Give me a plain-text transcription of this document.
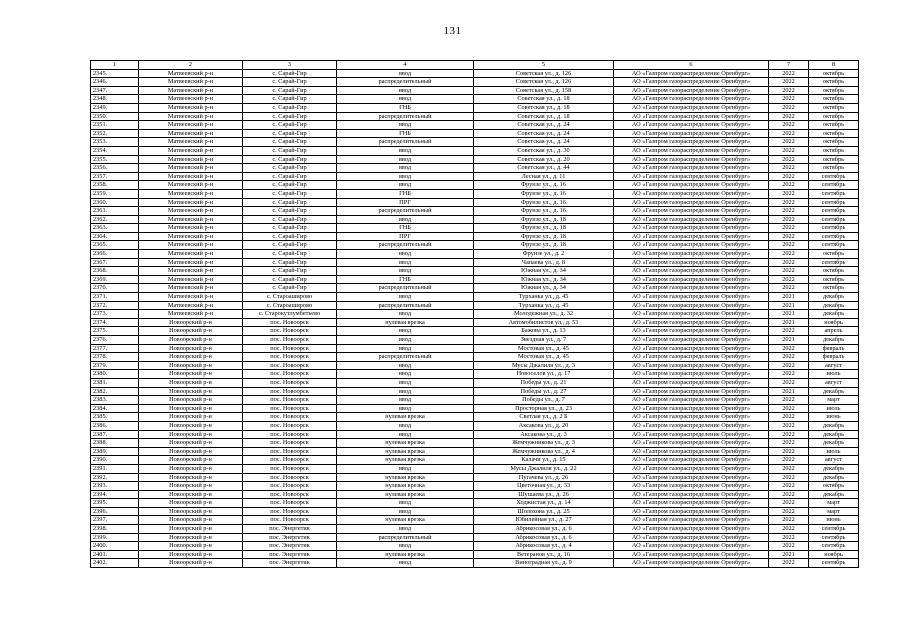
131
1	2	3	4	5	6	7	8
2345.	Матвеевский р-н	с. Сарай-Гир	ввод	Советская ул., д. 126	АО «Газпром газораспределение Оренбург»	2022	октябрь
2346.	Матвеевский р-н	с. Сарай-Гир	распределительный	Советская ул., д. 126	АО «Газпром газораспределение Оренбург»	2022	октябрь
2347.	Матвеевский р-н	с. Сарай-Гир	ввод	Советская ул., д. 158	АО «Газпром газораспределение Оренбург»	2022	октябрь
2348.	Матвеевский р-н	с. Сарай-Гир	ввод	Советская ул., д. 18	АО «Газпром газораспределение Оренбург»	2022	октябрь
2349.	Матвеевский р-н	с. Сарай-Гир	ГНБ	Советская ул., д. 18	АО «Газпром газораспределение Оренбург»	2022	октябрь
2350.	Матвеевский р-н	с. Сарай-Гир	распределительный	Советская ул., д. 18	АО «Газпром газораспределение Оренбург»	2022	октябрь
2351.	Матвеевский р-н	с. Сарай-Гир	ввод	Советская ул., д. 24	АО «Газпром газораспределение Оренбург»	2022	октябрь
2352.	Матвеевский р-н	с. Сарай-Гир	ГНБ	Советская ул., д. 24	АО «Газпром газораспределение Оренбург»	2022	октябрь
2353.	Матвеевский р-н	с. Сарай-Гир	распределительный	Советская ул., д. 24	АО «Газпром газораспределение Оренбург»	2022	октябрь
2354.	Матвеевский р-н	с. Сарай-Гир	ввод	Советская ул., д. 30	АО «Газпром газораспределение Оренбург»	2022	октябрь
2355.	Матвеевский р-н	с. Сарай-Гир	ввод	Советская ул., д. 20	АО «Газпром газораспределение Оренбург»	2022	октябрь
2356.	Матвеевский р-н	с. Сарай-Гир	ввод	Советская ул., д. 44	АО «Газпром газораспределение Оренбург»	2022	октябрь
2357.	Матвеевский р-н	с. Сарай-Гир	ввод	Лесная ул., д. 11	АО «Газпром газораспределение Оренбург»	2022	сентябрь
2358.	Матвеевский р-н	с. Сарай-Гир	ввод	Фрунзе ул., д. 16	АО «Газпром газораспределение Оренбург»	2022	сентябрь
2359.	Матвеевский р-н	с. Сарай-Гир	ГНБ	Фрунзе ул., д. 16	АО «Газпром газораспределение Оренбург»	2022	сентябрь
2360.	Матвеевский р-н	с. Сарай-Гир	ПРГ	Фрунзе ул., д. 16	АО «Газпром газораспределение Оренбург»	2022	сентябрь
2361.	Матвеевский р-н	с. Сарай-Гир	распределительный	Фрунзе ул., д. 16	АО «Газпром газораспределение Оренбург»	2022	сентябрь
2362.	Матвеевский р-н	с. Сарай-Гир	ввод	Фрунзе ул., д. 18	АО «Газпром газораспределение Оренбург»	2022	сентябрь
2363.	Матвеевский р-н	с. Сарай-Гир	ГНБ	Фрунзе ул., д. 18	АО «Газпром газораспределение Оренбург»	2022	сентябрь
2364.	Матвеевский р-н	с. Сарай-Гир	ПРГ	Фрунзе ул., д. 18	АО «Газпром газораспределение Оренбург»	2022	сентябрь
2365.	Матвеевский р-н	с. Сарай-Гир	распределительный	Фрунзе ул., д. 18	АО «Газпром газораспределение Оренбург»	2022	сентябрь
2366.	Матвеевский р-н	с. Сарай-Гир	ввод	Фрунзе ул., д. 2	АО «Газпром газораспределение Оренбург»	2022	октябрь
2367.	Матвеевский р-н	с. Сарай-Гир	ввод	Чапаева ул., д. 8	АО «Газпром газораспределение Оренбург»	2022	сентябрь
2368.	Матвеевский р-н	с. Сарай-Гир	ввод	Южная ул., д. 34	АО «Газпром газораспределение Оренбург»	2022	октябрь
2369.	Матвеевский р-н	с. Сарай-Гир	ГНБ	Южная ул., д. 34	АО «Газпром газораспределение Оренбург»	2022	октябрь
2370.	Матвеевский р-н	с. Сарай-Гир	распределительный	Южная ул., д. 34	АО «Газпром газораспределение Оренбург»	2022	октябрь
2371.	Матвеевский р-н	с. Староаширово	ввод	Турханка ул., д. 45	АО «Газпром газораспределение Оренбург»	2021	декабрь
2372.	Матвеевский р-н	с. Староаширово	распределительный	Турханка ул., д. 45	АО «Газпром газораспределение Оренбург»	2021	декабрь
2373.	Матвеевский р-н	с. Старокутлумбетьево	ввод	Молодежная ул., д. 32	АО «Газпром газораспределение Оренбург»	2021	декабрь
2374.	Новоорский р-н	пос. Новоорск	нулевая врезка	Автомобилистов ул., д. 53	АО «Газпром газораспределение Оренбург»	2021	ноябрь
2375.	Новоорский р-н	пос. Новоорск	ввод	Бажова ул., д. 13	АО «Газпром газораспределение Оренбург»	2022	апрель
2376.	Новоорский р-н	пос. Новоорск	ввод	Звездная ул., д. 7	АО «Газпром газораспределение Оренбург»	2021	декабрь
2377.	Новоорский р-н	пос. Новоорск	ввод	Мостовая ул., д. 45	АО «Газпром газораспределение Оренбург»	2022	февраль
2378.	Новоорский р-н	пос. Новоорск	распределительный	Мостовая ул., д. 45	АО «Газпром газораспределение Оренбург»	2022	февраль
2379.	Новоорский р-н	пос. Новоорск	ввод	Мусы Джалиля ул., д. 3	АО «Газпром газораспределение Оренбург»	2022	август
2380.	Новоорский р-н	пос. Новоорск	ввод	Новоселов ул., д. 17	АО «Газпром газораспределение Оренбург»	2022	июль
2381.	Новоорский р-н	пос. Новоорск	ввод	Победы ул., д. 21	АО «Газпром газораспределение Оренбург»	2022	август
2382.	Новоорский р-н	пос. Новоорск	ввод	Победы ул., д. 27	АО «Газпром газораспределение Оренбург»	2021	декабрь
2383.	Новоорский р-н	пос. Новоорск	ввод	Победы ул., д. 7	АО «Газпром газораспределение Оренбург»	2022	март
2384.	Новоорский р-н	пос. Новоорск	ввод	Просторная ул., д. 23	АО «Газпром газораспределение Оренбург»	2022	июль
2385.	Новоорский р-н	пос. Новоорск	нулевая врезка	Светлая ул., д. 2 Б	АО «Газпром газораспределение Оренбург»	2022	июнь
2386.	Новоорский р-н	пос. Новоорск	ввод	Аксакова ул., д. 20	АО «Газпром газораспределение Оренбург»	2022	декабрь
2387.	Новоорский р-н	пос. Новоорск	ввод	Аксакова ул., д. 3	АО «Газпром газораспределение Оренбург»	2022	декабрь
2388.	Новоорский р-н	пос. Новоорск	нулевая врезка	Жемчужникова ул., д. 3	АО «Газпром газораспределение Оренбург»	2022	декабрь
2389.	Новоорский р-н	пос. Новоорск	нулевая врезка	Жемчужникова ул., д. 4	АО «Газпром газораспределение Оренбург»	2022	июль
2390.	Новоорский р-н	пос. Новоорск	нулевая врезка	Калачи ул., д. 15	АО «Газпром газораспределение Оренбург»	2022	август
2391.	Новоорский р-н	пос. Новоорск	ввод	Мусы Джалиля ул., д. 22	АО «Газпром газораспределение Оренбург»	2022	декабрь
2392.	Новоорский р-н	пос. Новоорск	нулевая врезка	Пугачева ул., д. 26	АО «Газпром газораспределение Оренбург»	2022	декабрь
2393.	Новоорский р-н	пос. Новоорск	нулевая врезка	Цветочная ул., д. 33	АО «Газпром газораспределение Оренбург»	2022	октябрь
2394.	Новоорский р-н	пос. Новоорск	нулевая врезка	Шушаева ул., д. 26	АО «Газпром газораспределение Оренбург»	2022	декабрь
2395.	Новоорский р-н	пос. Новоорск	ввод	Ходжистая ул., д. 14	АО «Газпром газораспределение Оренбург»	2022	март
2396.	Новоорский р-н	пос. Новоорск	ввод	Шолохова ул., д. 25	АО «Газпром газораспределение Оренбург»	2022	март
2397.	Новоорский р-н	пос. Новоорск	нулевая врезка	Юбилейная ул., д. 27	АО «Газпром газораспределение Оренбург»	2022	июнь
2398.	Новоорский р-н	пос. Энергетик	ввод	Абрикосовая ул., д. 6	АО «Газпром газораспределение Оренбург»	2022	сентябрь
2399.	Новоорский р-н	пос. Энергетик	распределительный	Абрикосовая ул., д. 6	АО «Газпром газораспределение Оренбург»	2022	сентябрь
2400.	Новоорский р-н	пос. Энергетик	ввод	Абрикосовая ул., д. 4	АО «Газпром газораспределение Оренбург»	2022	сентябрь
2401.	Новоорский р-н	пос. Энергетик	нулевая врезка	Ветеранов ул., д. 16	АО «Газпром газораспределение Оренбург»	2021	ноябрь
2402.	Новоорский р-н	пос. Энергетик	ввод	Виноградная ул., д. 9	АО «Газпром газораспределение Оренбург»	2022	сентябрь
